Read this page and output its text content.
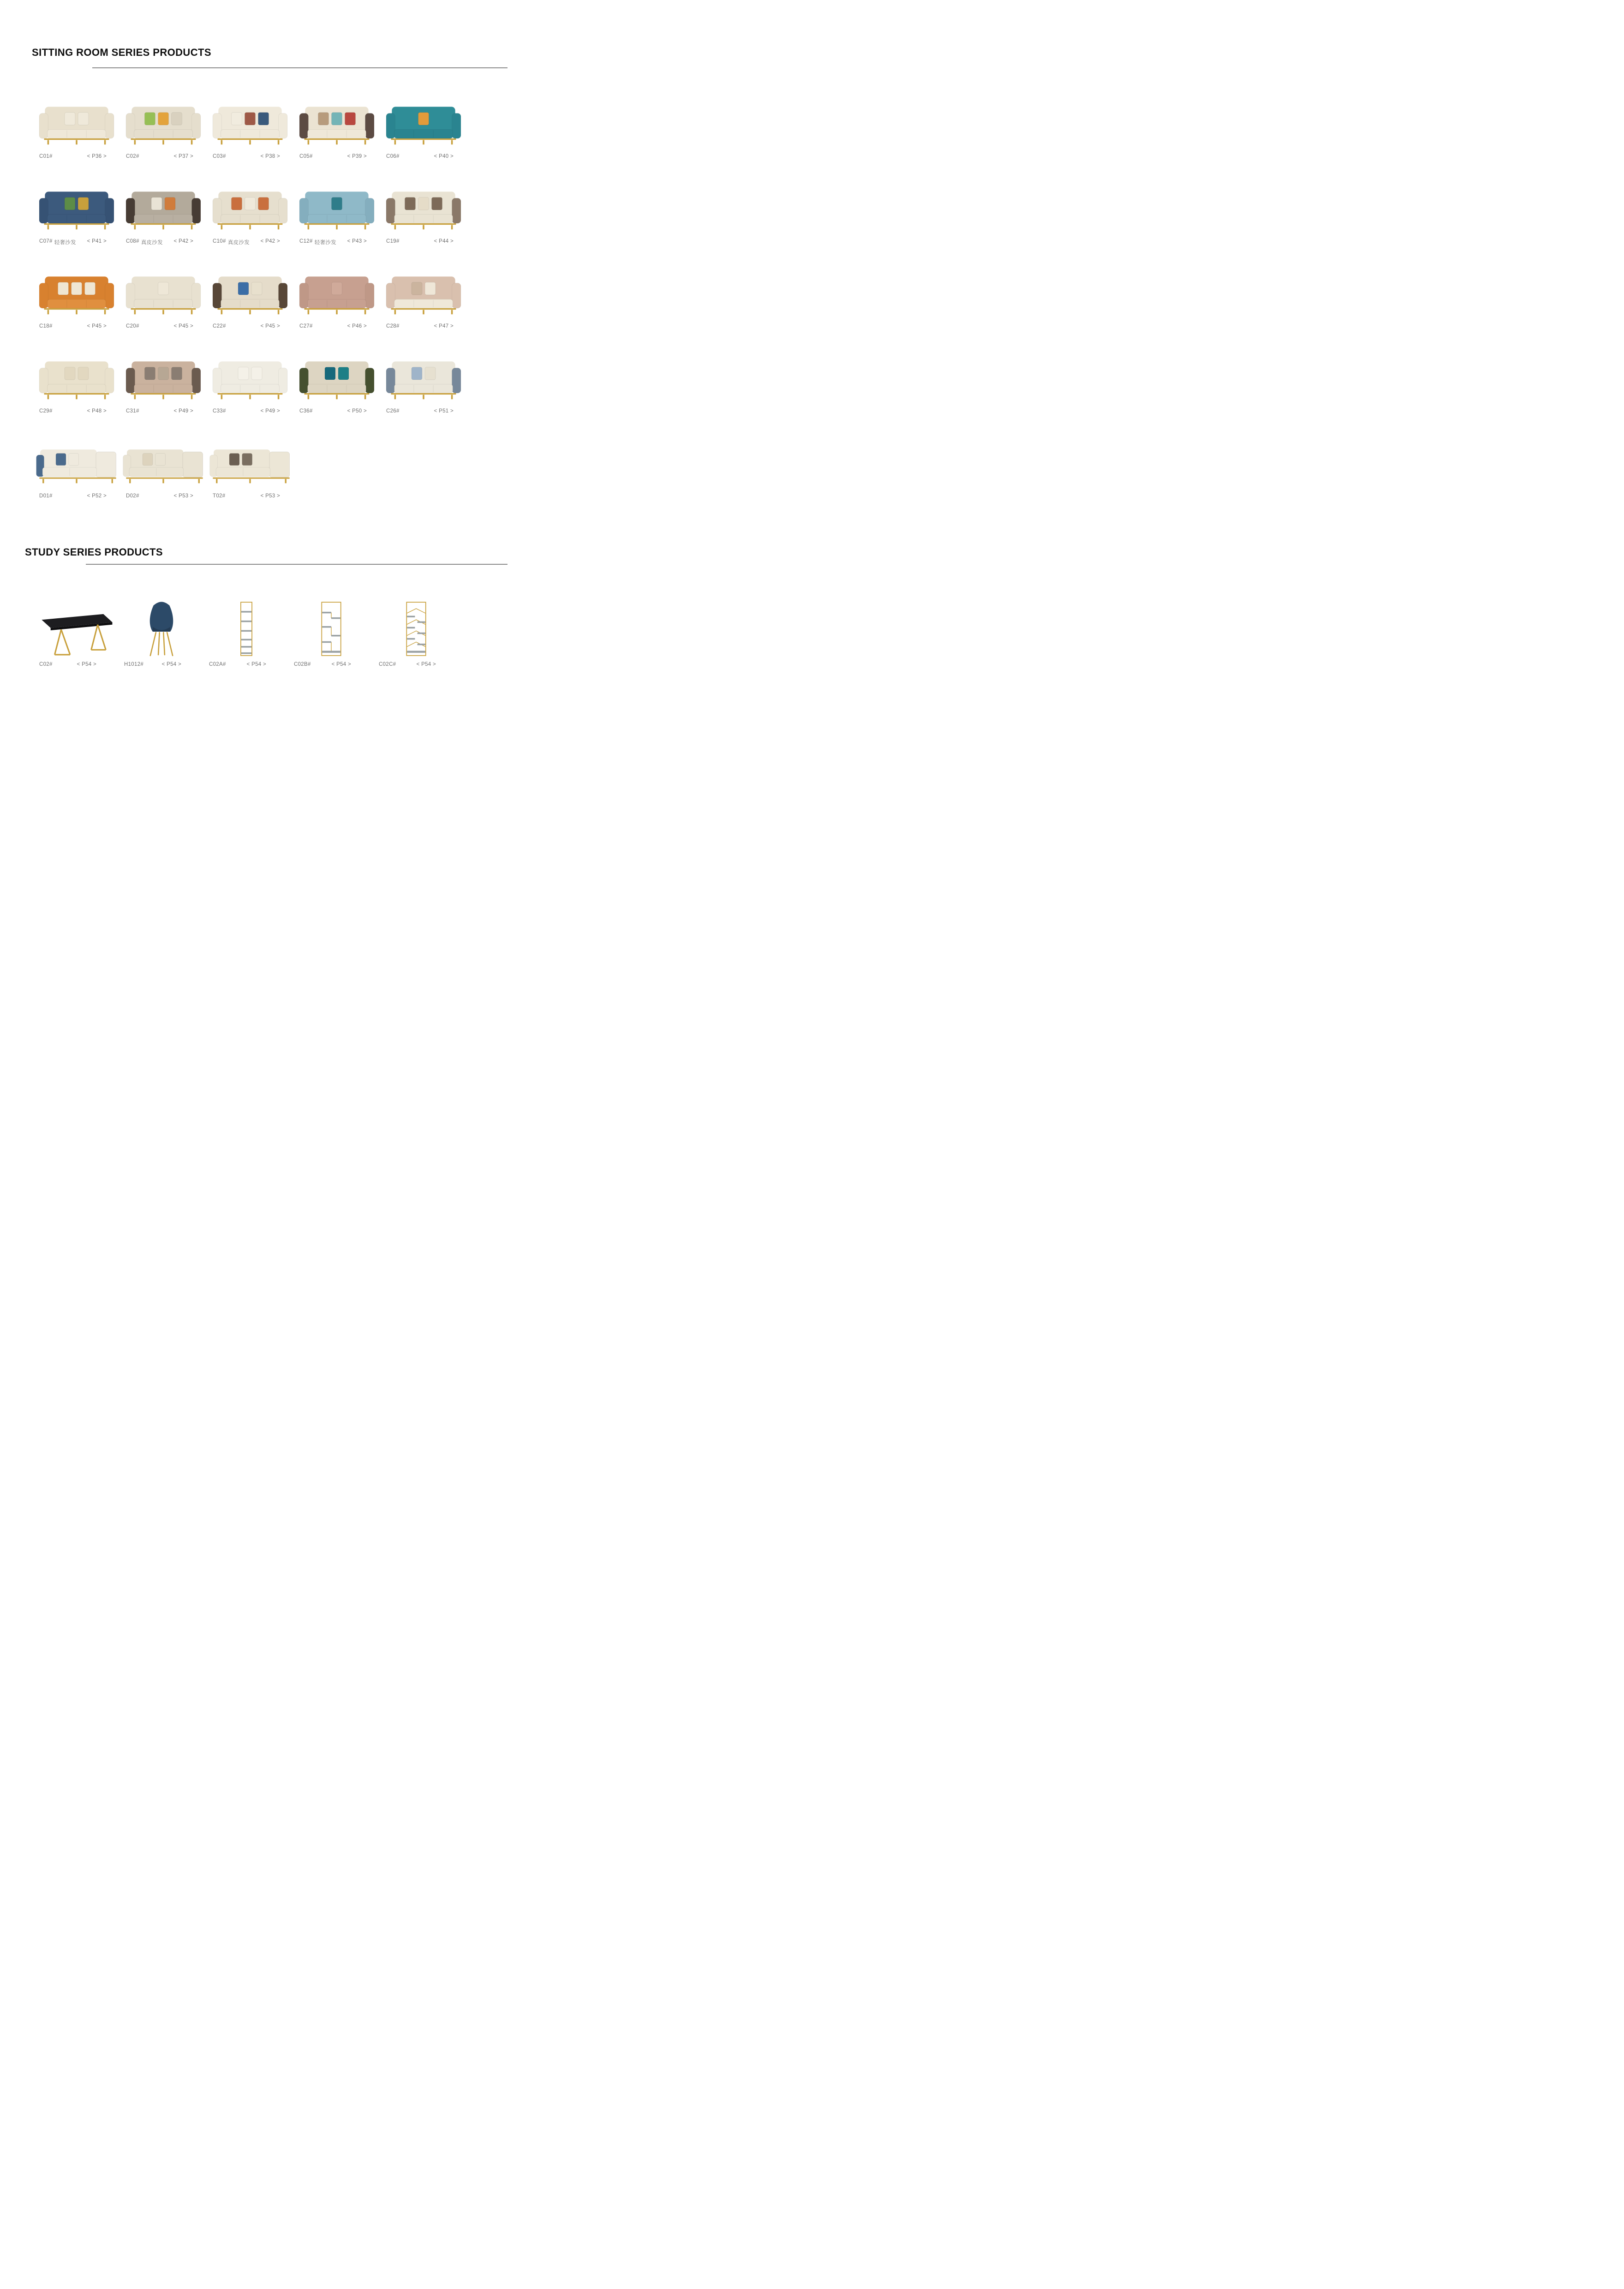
SITTING ROOM SERIES PRODUCTS
C01#	< P36 >	C02#	< P37 >	C03#	< P38 >	C05#	< P39 >	C06#	< P40 >
C07# 轻奢沙发 < P41 >	C08# 真皮沙发 < P42 >	C10# 真皮沙发 < P42 >	C12# 轻奢沙发 < P43 >	C19#	< P44 >
C18#	< P45 >	C20#	< P45 >	C22#	< P45 >	C27#	< P46 >	C28#	< P47 >
C29#	< P48 >	C31#	< P49 >	C33#	< P49 >	C36#	< P50 >	C26#	< P51 >
D01#	< P52 >	D02#	< P53 >	T02#	< P53 >
STUDY SERIES PRODUCTS
C02#	< P54 >	H1012#	< P54 >	C02A#	< P54 >	C02B#	< P54 >	C02C#	< P54 >
